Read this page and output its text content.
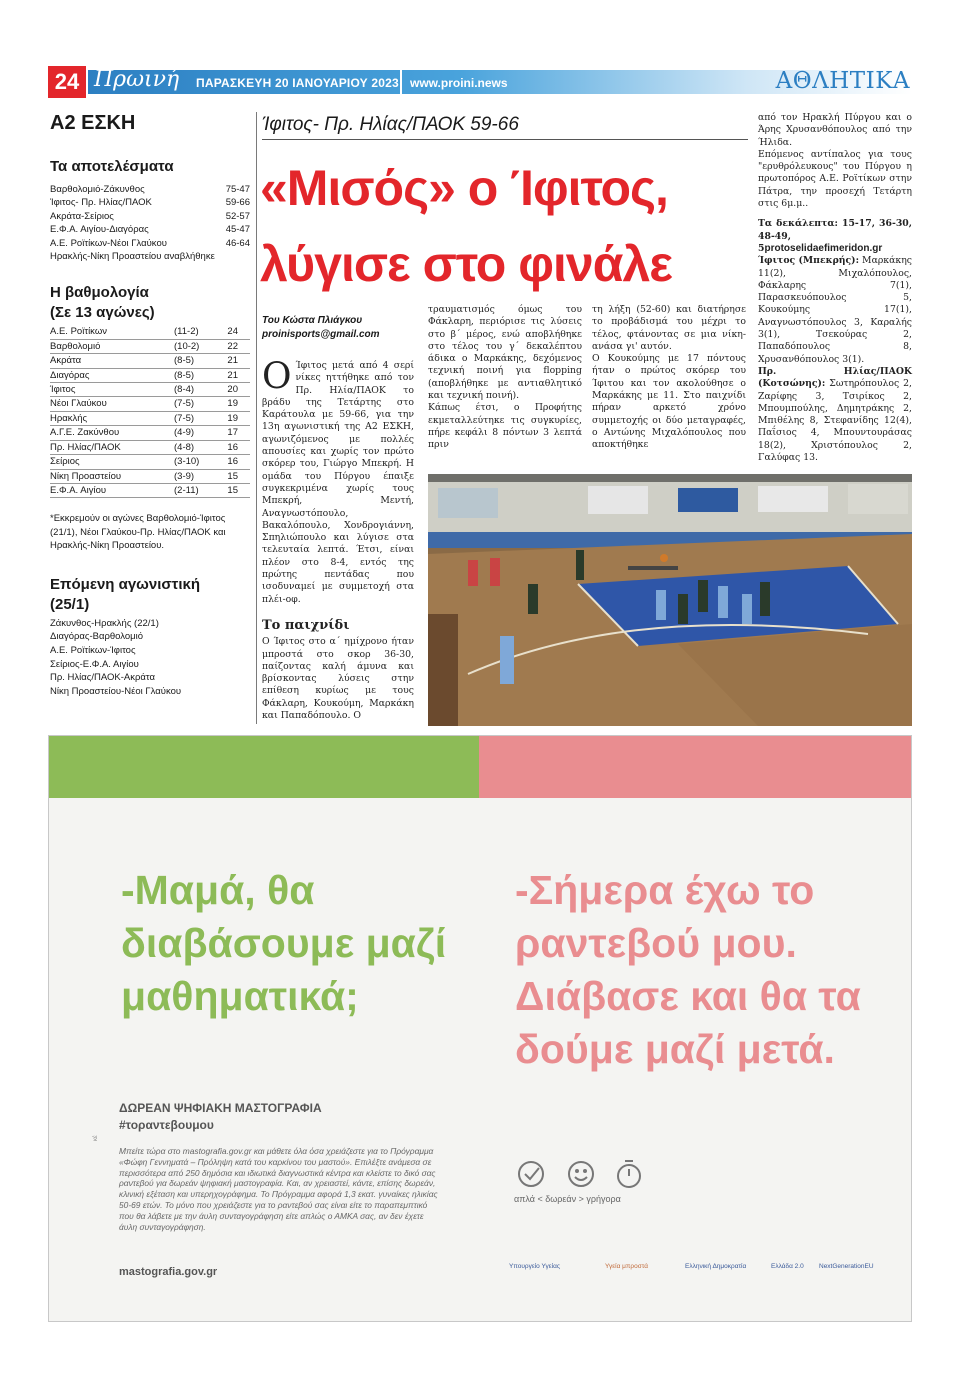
24 Πρωινή ΠΑΡΑΣΚΕΥΗ 20 ΙΑΝΟΥΑΡΙΟΥ 2023 www.proini.news	ΑΘΛΗΤΙΚΑ
Α2 ΕΣΚΗ
Τα αποτελέσματα
Βαρθολομιό-Ζάκυνθος	75-47
Ίφιτος- Πρ. Ηλίας/ΠΑΟΚ	59-66
Ακράτα-Σείριος	52-57
Ε.Φ.Α. Αιγίου-Διαγόρας	45-47
Α.Ε. Ροϊτίκων-Νέοι Γλαύκου	46-64
Ηρακλής-Νίκη Προαστείου αναβλήθηκε
Η βαθμολογία
(Σε 13 αγώνες)
Α.Ε. Ροϊτίκων	(11-2)	24
Βαρθολομιό	(10-2)	22
Ακράτα	(8-5)	21
Διαγόρας	(8-5)	21
Ίφιτος	(8-4)	20
Νέοι Γλαύκου	(7-5)	19
Ηρακλής	(7-5)	19
Α.Γ.Ε. Ζακύνθου	(4-9)	17
Πρ. Ηλίας/ΠΑΟΚ	(4-8)	16
Σείριος	(3-10)	16
Νίκη Προαστείου	(3-9)	15
Ε.Φ.Α. Αιγίου	(2-11)	15
*Εκκρεμούν οι αγώνες Βαρθολομιό-Ίφιτος (21/1), Νέοι Γλαύκου-Πρ. Ηλίας/ΠΑΟΚ και Ηρακλής-Νίκη Προαστείου.
Επόμενη αγωνιστική
(25/1)
Ζάκυνθος-Ηρακλής (22/1)
Διαγόρας-Βαρθολομιό
Α.Ε. Ροϊτίκων-Ίφιτος
Σείριος-Ε.Φ.Α. Αιγίου
Πρ. Ηλίας/ΠΑΟΚ-Ακράτα
Νίκη Προαστείου-Νέοι Γλαύκου
Ίφιτος- Πρ. Ηλίας/ΠΑΟΚ 59-66
«Μισός» ο Ίφιτος,
λύγισε στο φινάλε
Του Κώστα Πλιάγκου
proinisports@gmail.com
Ο Ίφιτος μετά από 4 σερί νίκες ηττήθηκε από τον Πρ. Ηλία/ΠΑΟΚ το βράδυ της Τετάρτης στο Καράτουλα με 59-66, για την 13η αγωνιστική της Α2 ΕΣΚΗ, αγωνιζόμενος με πολλές απουσίες και χωρίς τον πρώτο σκόρερ του, Γιώργο Μπεκρή. Η ομάδα του Πύργου έπαιξε συγκεκριμένα χωρίς τους Μπεκρή, Μεντή, Αναγνωστόπουλο, Βακαλόπουλο, Χονδρογιάννη, Σπηλιώπουλο και λύγισε στα τελευταία λεπτά. Έτσι, είναι πλέον στο 8-4, εντός της πρώτης πεντάδας που ισοδυναμεί με συμμετοχή στα πλέι-οφ.
Το παιχνίδι
Ο Ίφιτος στο α΄ ημίχρονο ήταν μπροστά στο σκορ 36-30, παίζοντας καλή άμυνα και βρίσκοντας λύσεις στην επίθεση κυρίως με τους Φάκλαρη, Κουκούμη, Μαρκάκη και Παπαδόπουλο. Ο
τραυματισμός όμως του Φάκλαρη, περιόρισε τις λύσεις στο β΄ μέρος, ενώ αποβλήθηκε στο τέλος του γ΄ δεκαλέπτου άδικα ο Μαρκάκης, δεχόμενος τεχνική ποινή για flopping (αποβλήθηκε με αντιαθλητικό και τεχνική ποινή).
Κάπως έτσι, ο Προφήτης εκμεταλλεύτηκε τις συγκυρίες, πήρε κεφάλι 8 πόντων 3 λεπτά πριν
τη λήξη (52-60) και διατήρησε το προβάδισμά του μέχρι το τέλος, φτάνοντας σε μια νίκη-ανάσα γι' αυτόν.
Ο Κουκούμης με 17 πόντους ήταν ο πρώτος σκόρερ του Ίφιτου και τον ακολούθησε ο Μαρκάκης με 11. Στο παιχνίδι πήραν αρκετό χρόνο συμμετοχής οι δύο μεταγραφές, ο Αντώνης Μιχαλόπουλος που αποκτήθηκε

από τον Ηρακλή Πύργου και ο Άρης Χρυσανθόπουλος από την Ήλιδα.

Επόμενος αντίπαλος για τους "ερυθρόλευκους" του Πύργου η πρωτοπόρος Α.Ε. Ροϊτίκων στην Πάτρα, την προσεχή Τετάρτη στις 6μ.μ..

Τα δεκάλεπτα: 15-17, 36-30, 48-49, 5protoselidaefimeridon.gr

Ίφιτος (Μπεκρής): Μαρκάκης 11(2), Μιχαλόπουλος, Φάκλαρης 7(1), Παρασκευόπουλος 5, Κουκούμης 17(1), Αναγνωστόπουλος 3, Καραλής 3(1), Τσεκούρας 2, Παπαδόπουλος 8, Χρυσανθόπουλος 3(1).

Πρ. Ηλίας/ΠΑΟΚ (Κοτσώνης): Σωτηρόπουλος 2, Ζαρίφης 3, Τσιρίκος 2, Μπουμπούλης, Δημητράκης 2, Μπιθέλης 8, Στεφανίδης 12(4), Παΐσιος 4, Μπουντουράσας 18(2), Χριστόπουλος 2, Γαλύφας 13.

-Μαμά, θα διαβάσουμε μαζί μαθηματικά;
-Σήμερα έχω το ραντεβού μου. Διάβασε και θα τα δούμε μαζί μετά.
ΔΩΡΕΑΝ ΨΗΦΙΑΚΗ ΜΑΣΤΟΓΡΑΦΙΑ
#τοραντεβουμου
κέ
Μπείτε τώρα στο mastografia.gov.gr και μάθετε όλα όσα χρειάζεστε για το Πρόγραμμα «Φώφη Γεννηματά – Πρόληψη κατά του καρκίνου του μαστού». Επιλέξτε ανάμεσα σε περισσότερα από 250 δημόσια και ιδιωτικά διαγνωστικά κέντρα και κλείστε το δικό σας ραντεβού για δωρεάν ψηφιακή μαστογραφία. Και, αν χρειαστεί, κάντε, επίσης δωρεάν, κλινική εξέταση και υπερηχογράφημα. Το Πρόγραμμα αφορά 1,3 εκατ. γυναίκες ηλικίας 50-69 ετών. Το μόνο που χρειάζεστε για το ραντεβού σας είναι είτε το παραπεμπτικό που θα λάβετε με την άυλη συνταγογράφηση είτε απλώς ο ΑΜΚΑ σας, αν δεν έχετε άυλη συνταγογράφηση.
mastografia.gov.gr
απλά < δωρεάν > γρήγορα
Υπουργείο Υγείας	Υγεία μπροστά	Ελληνική Δημοκρατία	Ελλάδα 2.0	NextGenerationEU
